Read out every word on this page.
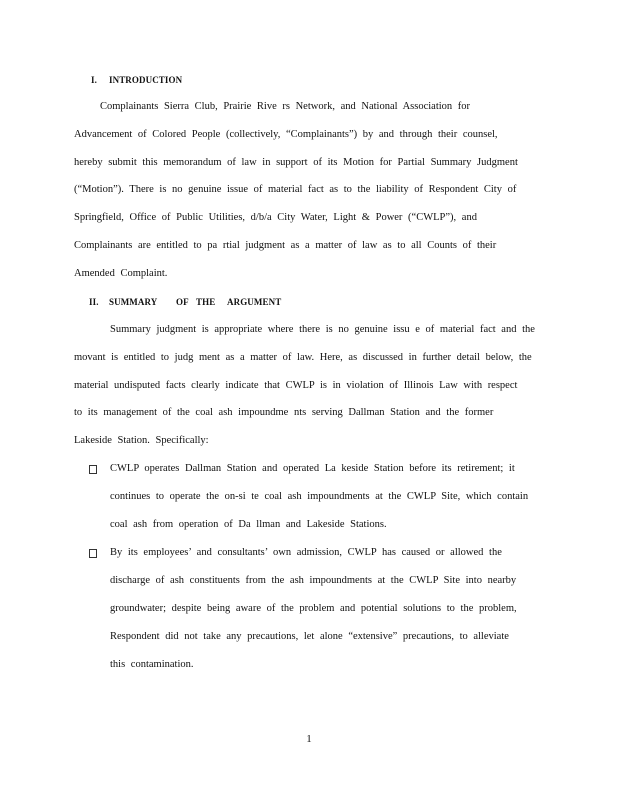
I. INTRODUCTION
Complainants Sierra Club, Prairie Rive rs Network, and National Association for
Advancement of Colored People (collectively, “Complainants”) by and through their counsel,
hereby submit this memorandum of law in support of its Motion for Partial Summary Judgment
(“Motion”). There is no genuine issue of material fact as to the liability of Respondent City of
Springfield, Office of Public Utilities, d/b/a City Water, Light & Power (“CWLP”), and
Complainants are entitled to pa rtial judgment as a matter of law as to all Counts of their
Amended Complaint.
II. SUMMARY OF THE ARGUMENT
Summary judgment is appropriate where there is no genuine issu e of material fact and the
movant is entitled to judg ment as a matter of law. Here, as discussed in further detail below, the
material undisputed facts clearly indicate that CWLP is in violation of Illinois Law with respect
to its management of the coal ash impoundme nts serving Dallman Station and the former
Lakeside Station. Specifically:
CWLP operates Dallman Station and operated La keside Station before its retirement; it
continues to operate the on-si te coal ash impoundments at the CWLP Site, which contain
coal ash from operation of Da llman and Lakeside Stations.
By its employees’ and consultants’ own admission, CWLP has caused or allowed the
discharge of ash constituents from the ash impoundments at the CWLP Site into nearby
groundwater; despite being aware of the problem and potential solutions to the problem,
Respondent did not take any precautions, let alone “extensive” precautions, to alleviate
this contamination.
1
